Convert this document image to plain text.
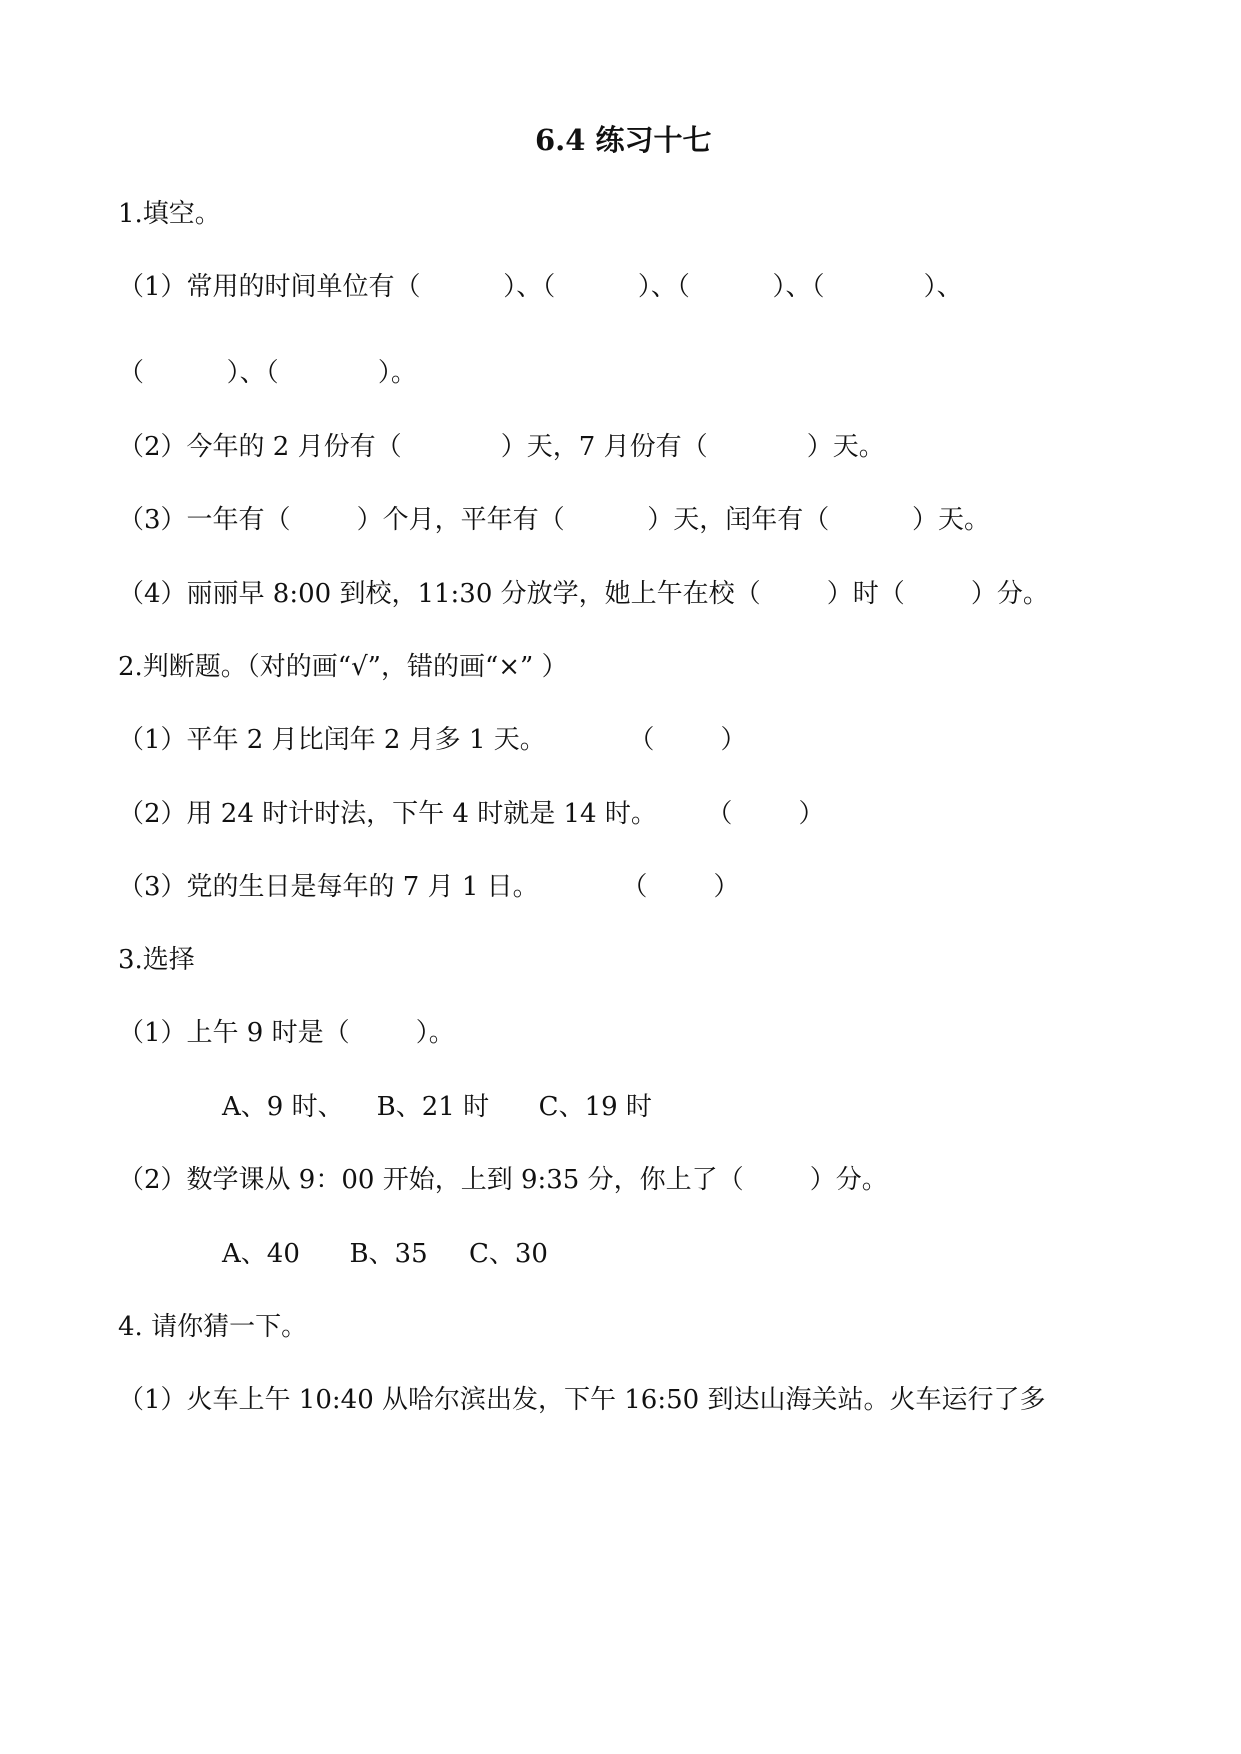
6.4 练习十七
1.填空。
（1）常用的时间单位有（          ）、（          ）、（          ）、（            ）、
（          ）、（            ）。
（2）今年的 2 月份有（            ）天，7 月份有（            ）天。
（3）一年有（        ）个月，平年有（          ）天，闰年有（          ）天。
（4）丽丽早 8:00 到校，11:30 分放学，她上午在校（        ）时（        ）分。
2.判断题。（对的画“√”，错的画“×” ）
（1）平年 2 月比闰年 2 月多 1 天。          （        ）
（2）用 24 时计时法，下午 4 时就是 14 时。      （        ）
（3）党的生日是每年的 7 月 1 日。          （        ）
3.选择
（1）上午 9 时是（        ）。
A、9 时、    B、21 时      C、19 时
（2）数学课从 9：00 开始，上到 9:35 分，你上了（        ）分。
A、40      B、35     C、30
4. 请你猜一下。
（1）火车上午 10:40 从哈尔滨出发，下午 16:50 到达山海关站。火车运行了多
